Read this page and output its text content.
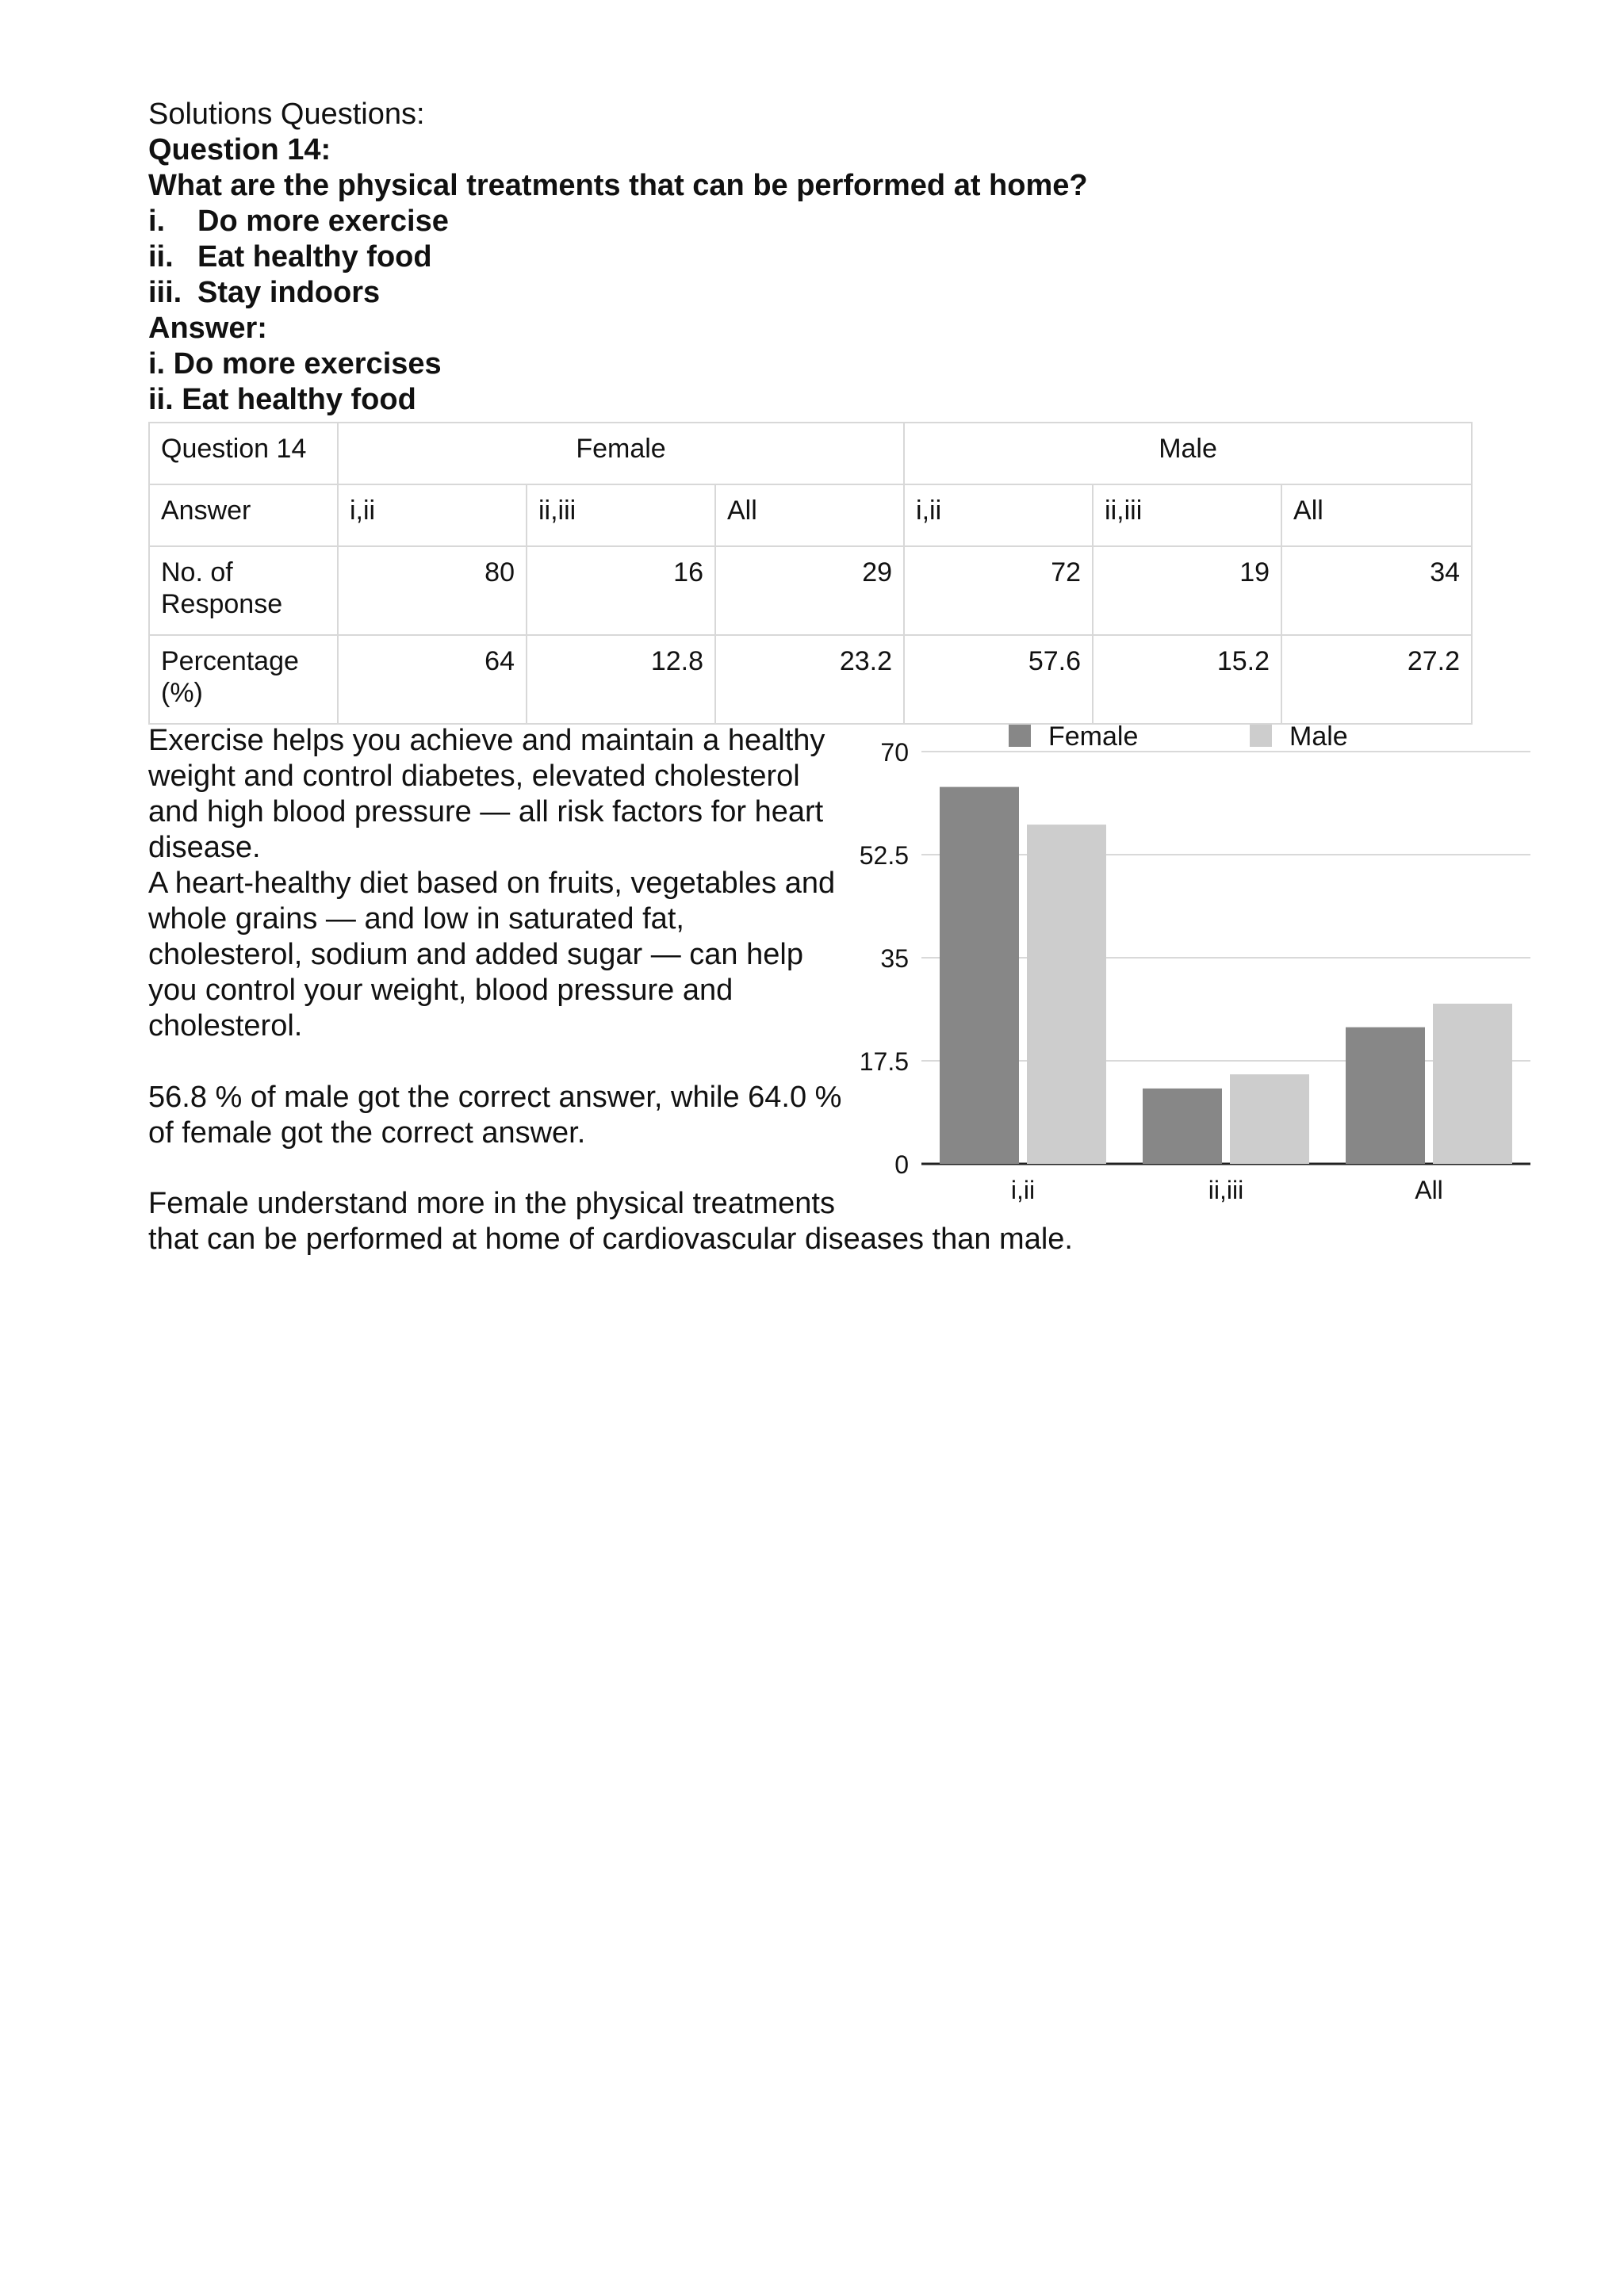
Solutions Questions:
Question 14:
What are the physical treatments that can be performed at home?
i.	Do more exercise
ii. Eat healthy food
iii. Stay indoors
Answer:
i. Do more exercises
ii. Eat healthy food
Question 14	Female			Male		
Answer	i,ii	ii,iii	All	i,ii	ii,iii	All
No. of Response	80	16	29	72	19	34
Percentage (%)	64	12.8	23.2	57.6	15.2	27.2

Exercise helps you achieve and maintain a healthy weight and control diabetes, elevated cholesterol and high blood pressure — all risk factors for heart disease.

A heart-healthy diet based on fruits, vegetables and whole grains — and low in saturated fat, cholesterol, sodium and added sugar — can help you control your weight, blood pressure and cholesterol.

56.8 % of male got the correct answer, while 64.0 % of female got the correct answer.

Female understand more in the physical treatments
that can be performed at home of cardiovascular diseases than male.
0
17.5
35
52.5
70
i,ii	ii,iii	All
Female	Male
